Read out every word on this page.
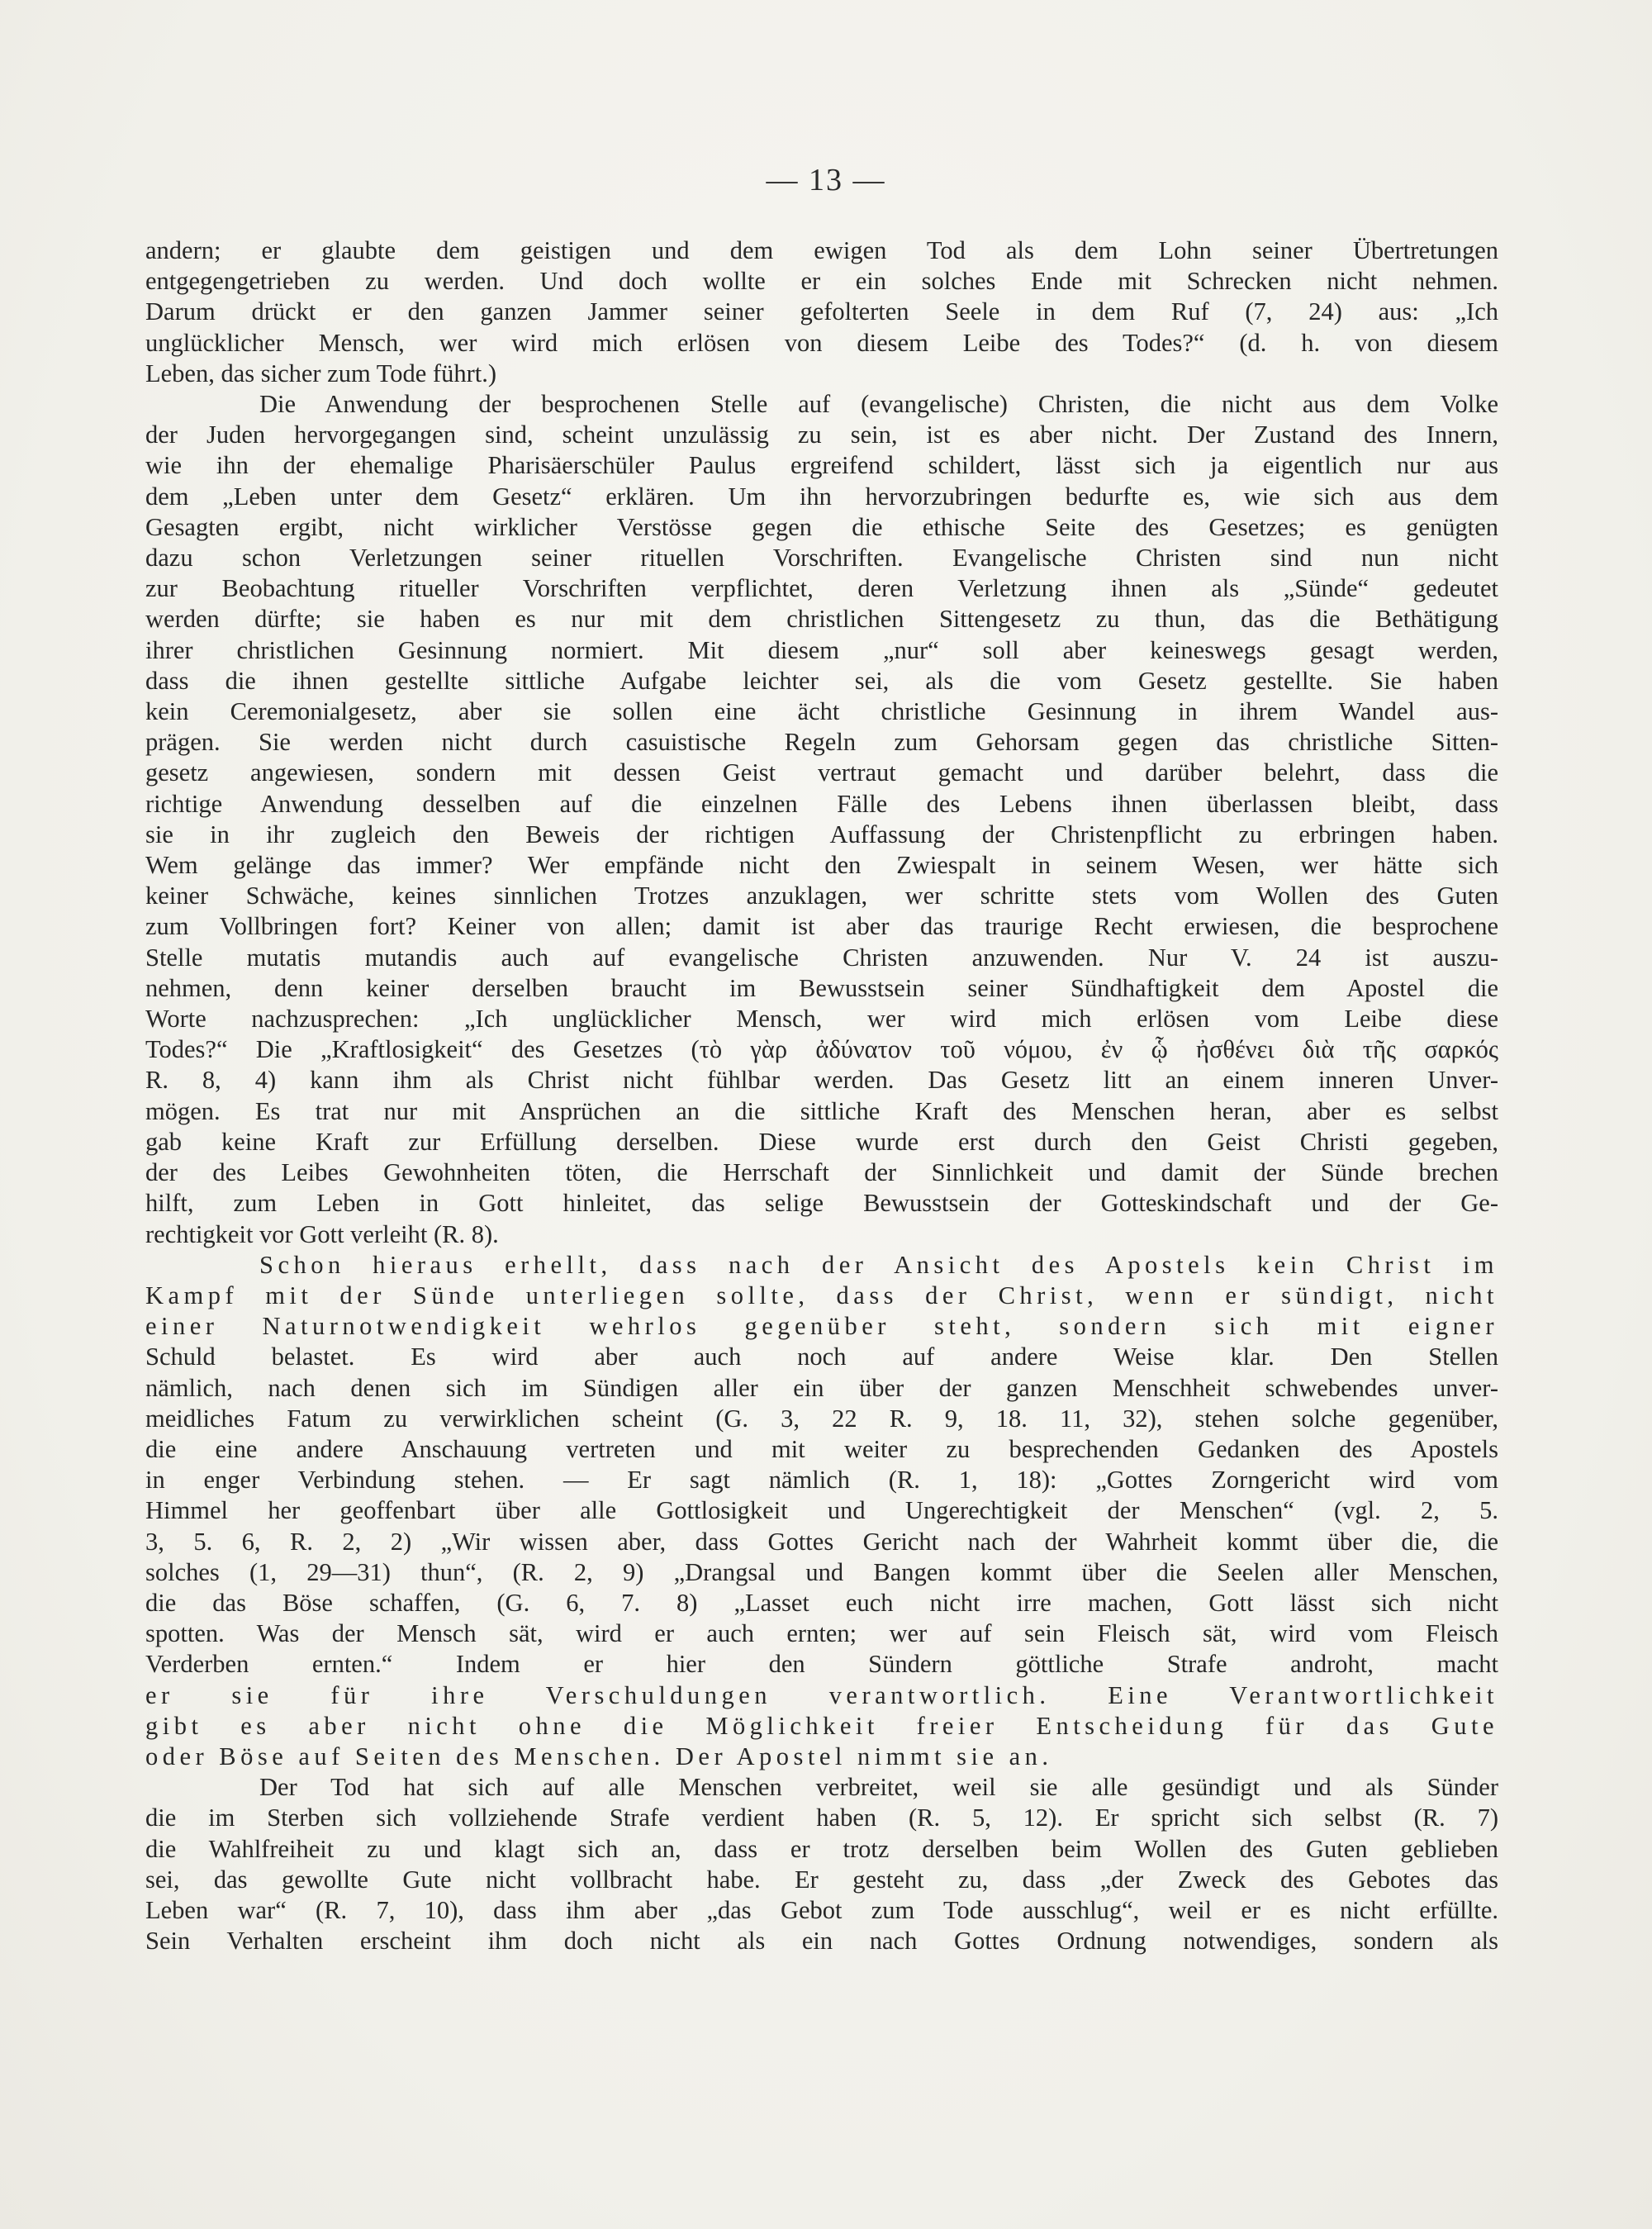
— 13 —

andern; er glaubte dem geistigen und dem ewigen Tod als dem Lohn seiner Übertretungen

entgegengetrieben zu werden. Und doch wollte er ein solches Ende mit Schrecken nicht nehmen.

Darum drückt er den ganzen Jammer seiner gefolterten Seele in dem Ruf (7, 24) aus: „Ich

unglücklicher Mensch, wer wird mich erlösen von diesem Leibe des Todes?“ (d. h. von diesem

Leben, das sicher zum Tode führt.)

Die Anwendung der besprochenen Stelle auf (evangelische) Christen, die nicht aus dem Volke

der Juden hervorgegangen sind, scheint unzulässig zu sein, ist es aber nicht. Der Zustand des Innern,

wie ihn der ehemalige Pharisäerschüler Paulus ergreifend schildert, lässt sich ja eigentlich nur aus

dem „Leben unter dem Gesetz“ erklären. Um ihn hervorzubringen bedurfte es, wie sich aus dem

Gesagten ergibt, nicht wirklicher Verstösse gegen die ethische Seite des Gesetzes; es genügten

dazu schon Verletzungen seiner rituellen Vorschriften. Evangelische Christen sind nun nicht

zur Beobachtung ritueller Vorschriften verpflichtet, deren Verletzung ihnen als „Sünde“ gedeutet

werden dürfte; sie haben es nur mit dem christlichen Sittengesetz zu thun, das die Bethätigung

ihrer christlichen Gesinnung normiert. Mit diesem „nur“ soll aber keineswegs gesagt werden,

dass die ihnen gestellte sittliche Aufgabe leichter sei, als die vom Gesetz gestellte. Sie haben

kein Ceremonialgesetz, aber sie sollen eine ächt christliche Gesinnung in ihrem Wandel aus-

prägen. Sie werden nicht durch casuistische Regeln zum Gehorsam gegen das christliche Sitten-

gesetz angewiesen, sondern mit dessen Geist vertraut gemacht und darüber belehrt, dass die

richtige Anwendung desselben auf die einzelnen Fälle des Lebens ihnen überlassen bleibt, dass

sie in ihr zugleich den Beweis der richtigen Auffassung der Christenpflicht zu erbringen haben.

Wem gelänge das immer? Wer empfände nicht den Zwiespalt in seinem Wesen, wer hätte sich

keiner Schwäche, keines sinnlichen Trotzes anzuklagen, wer schritte stets vom Wollen des Guten

zum Vollbringen fort? Keiner von allen; damit ist aber das traurige Recht erwiesen, die besprochene

Stelle mutatis mutandis auch auf evangelische Christen anzuwenden. Nur V. 24 ist auszu-

nehmen, denn keiner derselben braucht im Bewusstsein seiner Sündhaftigkeit dem Apostel die

Worte nachzusprechen: „Ich unglücklicher Mensch, wer wird mich erlösen vom Leibe diese

Todes?“ Die „Kraftlosigkeit“ des Gesetzes (τὸ γὰρ ἀδύνατον τοῦ νόμου, ἐν ᾧ ἠσθένει διὰ τῆς σαρκός

R. 8, 4) kann ihm als Christ nicht fühlbar werden. Das Gesetz litt an einem inneren Unver-

mögen. Es trat nur mit Ansprüchen an die sittliche Kraft des Menschen heran, aber es selbst

gab keine Kraft zur Erfüllung derselben. Diese wurde erst durch den Geist Christi gegeben,

der des Leibes Gewohnheiten töten, die Herrschaft der Sinnlichkeit und damit der Sünde brechen

hilft, zum Leben in Gott hinleitet, das selige Bewusstsein der Gotteskindschaft und der Ge-

rechtigkeit vor Gott verleiht (R. 8).

Schon hieraus erhellt, dass nach der Ansicht des Apostels kein Christ im

Kampf mit der Sünde unterliegen sollte, dass der Christ, wenn er sündigt, nicht

einer Naturnotwendigkeit wehrlos gegenüber steht, sondern sich mit eigner

Schuld belastet. Es wird aber auch noch auf andere Weise klar. Den Stellen

nämlich, nach denen sich im Sündigen aller ein über der ganzen Menschheit schwebendes unver-

meidliches Fatum zu verwirklichen scheint (G. 3, 22 R. 9, 18. 11, 32), stehen solche gegenüber,

die eine andere Anschauung vertreten und mit weiter zu besprechenden Gedanken des Apostels

in enger Verbindung stehen. — Er sagt nämlich (R. 1, 18): „Gottes Zorngericht wird vom

Himmel her geoffenbart über alle Gottlosigkeit und Ungerechtigkeit der Menschen“ (vgl. 2, 5.

3, 5. 6, R. 2, 2) „Wir wissen aber, dass Gottes Gericht nach der Wahrheit kommt über die, die

solches (1, 29—31) thun“, (R. 2, 9) „Drangsal und Bangen kommt über die Seelen aller Menschen,

die das Böse schaffen, (G. 6, 7. 8) „Lasset euch nicht irre machen, Gott lässt sich nicht

spotten. Was der Mensch sät, wird er auch ernten; wer auf sein Fleisch sät, wird vom Fleisch

Verderben ernten.“ Indem er hier den Sündern göttliche Strafe androht, macht

er sie für ihre Verschuldungen verantwortlich. Eine Verantwortlichkeit

gibt es aber nicht ohne die Möglichkeit freier Entscheidung für das Gute

oder Böse auf Seiten des Menschen. Der Apostel nimmt sie an.

Der Tod hat sich auf alle Menschen verbreitet, weil sie alle gesündigt und als Sünder

die im Sterben sich vollziehende Strafe verdient haben (R. 5, 12). Er spricht sich selbst (R. 7)

die Wahlfreiheit zu und klagt sich an, dass er trotz derselben beim Wollen des Guten geblieben

sei, das gewollte Gute nicht vollbracht habe. Er gesteht zu, dass „der Zweck des Gebotes das

Leben war“ (R. 7, 10), dass ihm aber „das Gebot zum Tode ausschlug“, weil er es nicht erfüllte.

Sein Verhalten erscheint ihm doch nicht als ein nach Gottes Ordnung notwendiges, sondern als
